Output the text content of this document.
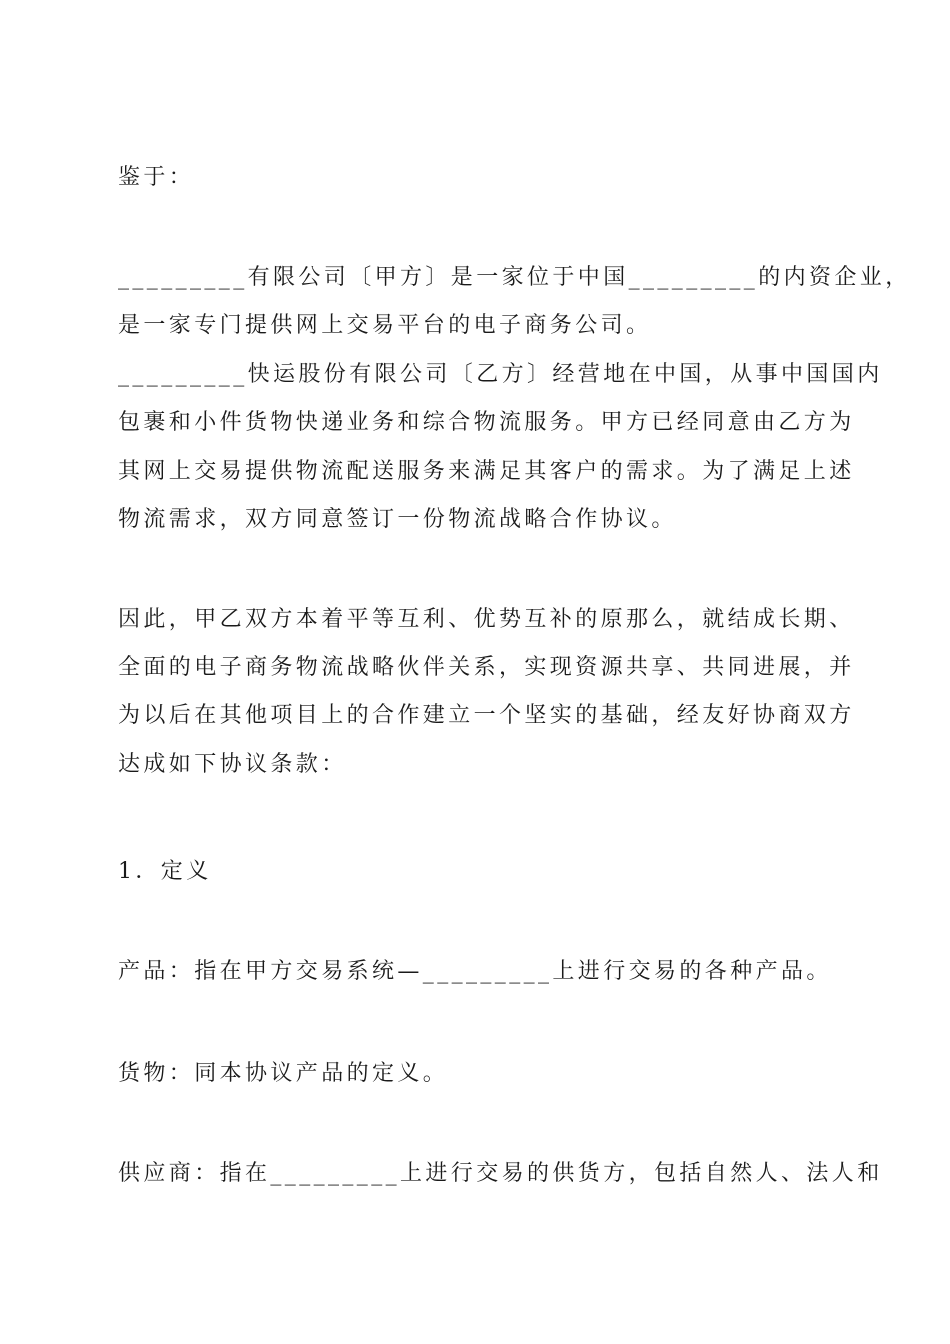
鉴于：
_________有限公司〔甲方〕是一家位于中国_________的内资企业，
是一家专门提供网上交易平台的电子商务公司。
_________快运股份有限公司〔乙方〕经营地在中国，从事中国国内
包裹和小件货物快递业务和综合物流服务。甲方已经同意由乙方为
其网上交易提供物流配送服务来满足其客户的需求。为了满足上述
物流需求，双方同意签订一份物流战略合作协议。
因此，甲乙双方本着平等互利、优势互补的原那么，就结成长期、
全面的电子商务物流战略伙伴关系，实现资源共享、共同进展，并
为以后在其他项目上的合作建立一个坚实的基础，经友好协商双方
达成如下协议条款：
1．定义
产品：指在甲方交易系统—_________上进行交易的各种产品。
货物：同本协议产品的定义。
供应商：指在_________上进行交易的供货方，包括自然人、法人和
